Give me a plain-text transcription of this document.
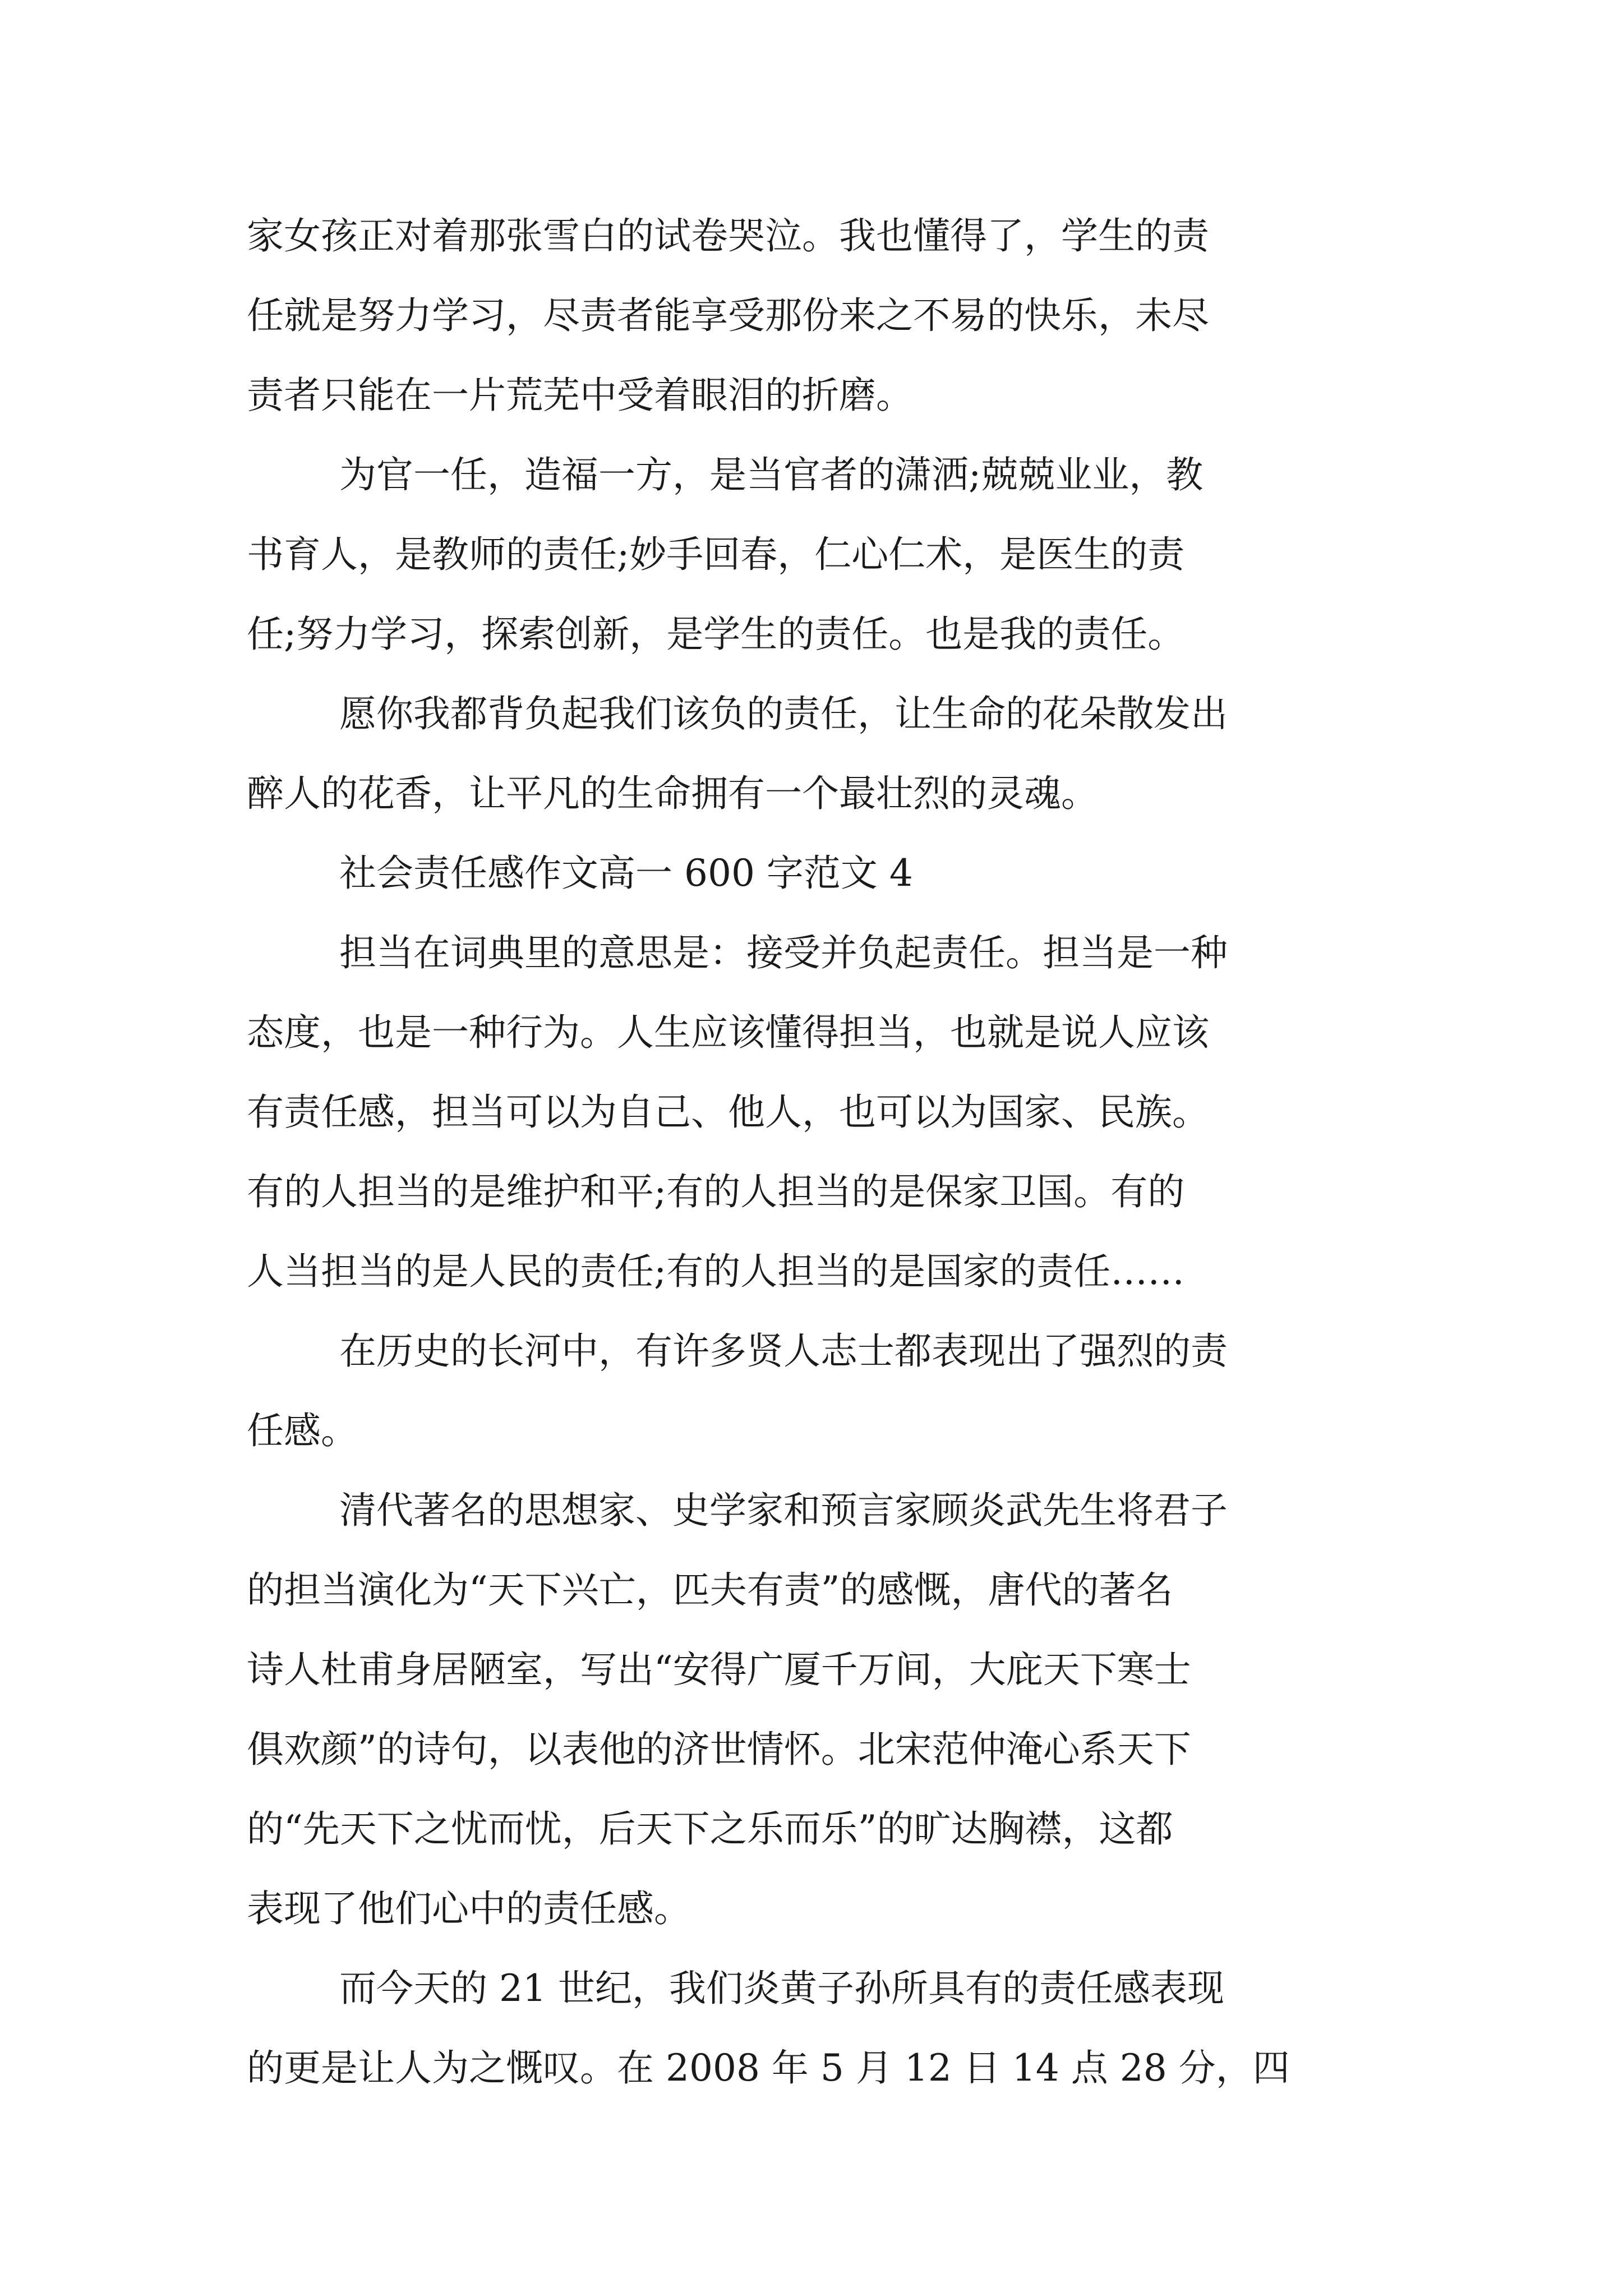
家女孩正对着那张雪白的试卷哭泣。我也懂得了，学生的责
任就是努力学习，尽责者能享受那份来之不易的快乐，未尽
责者只能在一片荒芜中受着眼泪的折磨。

为官一任，造福一方，是当官者的潇洒;兢兢业业，教
书育人，是教师的责任;妙手回春，仁心仁术，是医生的责
任;努力学习，探索创新，是学生的责任。也是我的责任。

愿你我都背负起我们该负的责任，让生命的花朵散发出
醉人的花香，让平凡的生命拥有一个最壮烈的灵魂。

社会责任感作文高一 600 字范文 4

担当在词典里的意思是：接受并负起责任。担当是一种
态度，也是一种行为。人生应该懂得担当，也就是说人应该
有责任感，担当可以为自己、他人，也可以为国家、民族。
有的人担当的是维护和平;有的人担当的是保家卫国。有的
人当担当的是人民的责任;有的人担当的是国家的责任……

在历史的长河中，有许多贤人志士都表现出了强烈的责
任感。

清代著名的思想家、史学家和预言家顾炎武先生将君子
的担当演化为“天下兴亡，匹夫有责”的感慨，唐代的著名
诗人杜甫身居陋室，写出“安得广厦千万间，大庇天下寒士
俱欢颜”的诗句，以表他的济世情怀。北宋范仲淹心系天下
的“先天下之忧而忧，后天下之乐而乐”的旷达胸襟，这都
表现了他们心中的责任感。

而今天的 21 世纪，我们炎黄子孙所具有的责任感表现
的更是让人为之慨叹。在 2008 年 5 月 12 日 14 点 28 分，四
